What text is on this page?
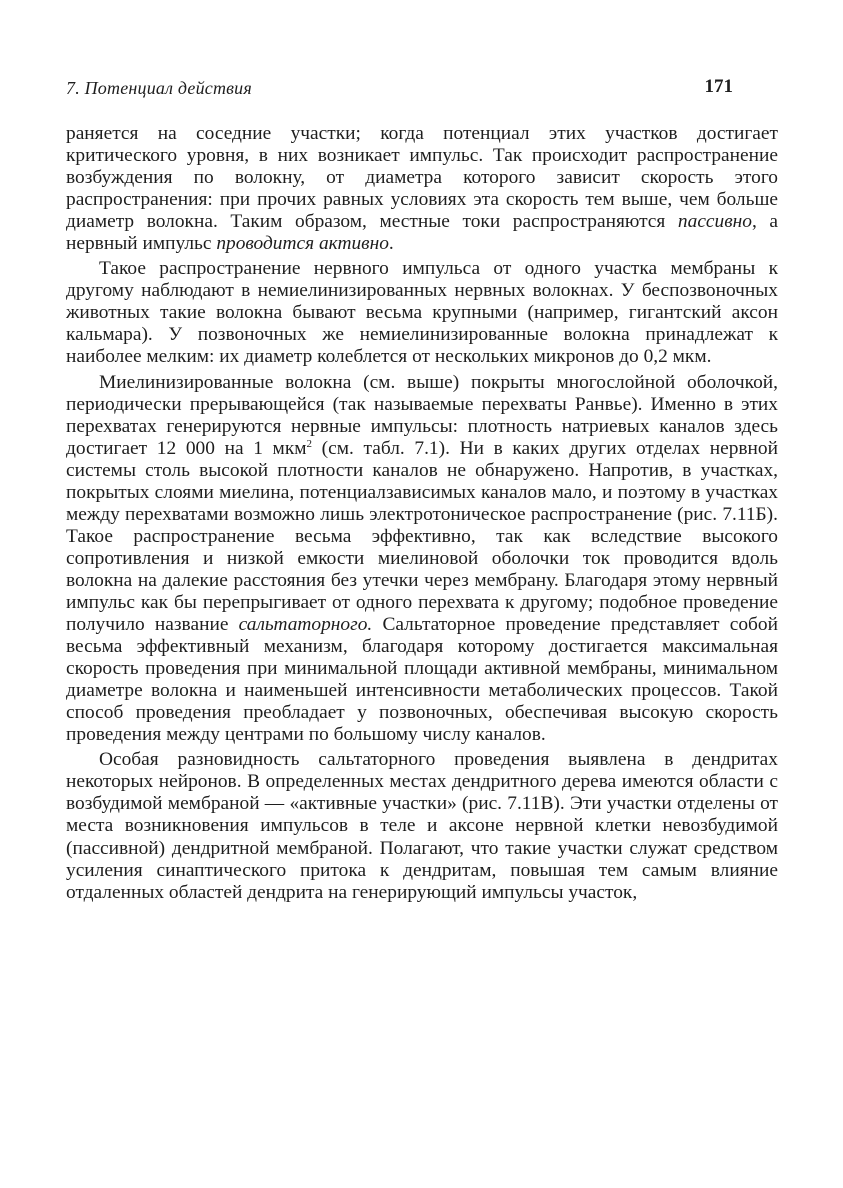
7. Потенциал действия	171

раняется на соседние участки; когда потенциал этих участков достигает критического уровня, в них возникает импульс. Так происходит распространение возбуждения по волокну, от диаметра которого зависит скорость этого распространения: при прочих равных условиях эта скорость тем выше, чем больше диаметр волокна. Таким образом, местные токи распространяются пассивно, а нервный импульс проводится активно.

Такое распространение нервного импульса от одного участка мембраны к другому наблюдают в немиелинизированных нервных волокнах. У беспозвоночных животных такие волокна бывают весьма крупными (например, гигантский аксон кальмара). У позвоночных же немиелинизированные волокна принадлежат к наиболее мелким: их диаметр колеблется от нескольких микронов до 0,2 мкм.

Миелинизированные волокна (см. выше) покрыты многослойной оболочкой, периодически прерывающейся (так называемые перехваты Ранвье). Именно в этих перехватах генерируются нервные импульсы: плотность натриевых каналов здесь достигает 12 000 на 1 мкм$^2$ (см. табл. 7.1). Ни в каких других отделах нервной системы столь высокой плотности каналов не обнаружено. Напротив, в участках, покрытых слоями миелина, потенциалзависимых каналов мало, и поэтому в участках между перехватами возможно лишь электротоническое распространение (рис. 7.11Б). Такое распространение весьма эффективно, так как вследствие высокого сопротивления и низкой емкости миелиновой оболочки ток проводится вдоль волокна на далекие расстояния без утечки через мембрану. Благодаря этому нервный импульс как бы перепрыгивает от одного перехвата к другому; подобное проведение получило название сальтаторного. Сальтаторное проведение представляет собой весьма эффективный механизм, благодаря которому достигается максимальная скорость проведения при минимальной площади активной мембраны, минимальном диаметре волокна и наименьшей интенсивности метаболических процессов. Такой способ проведения преобладает у позвоночных, обеспечивая высокую скорость проведения между центрами по большому числу каналов.

Особая разновидность сальтаторного проведения выявлена в дендритах некоторых нейронов. В определенных местах дендритного дерева имеются области с возбудимой мембраной — «активные участки» (рис. 7.11В). Эти участки отделены от места возникновения импульсов в теле и аксоне нервной клетки невозбудимой (пассивной) дендритной мембраной. Полагают, что такие участки служат средством усиления синаптического притока к дендритам, повышая тем самым влияние отдаленных областей дендрита на генерирующий импульсы участок,
